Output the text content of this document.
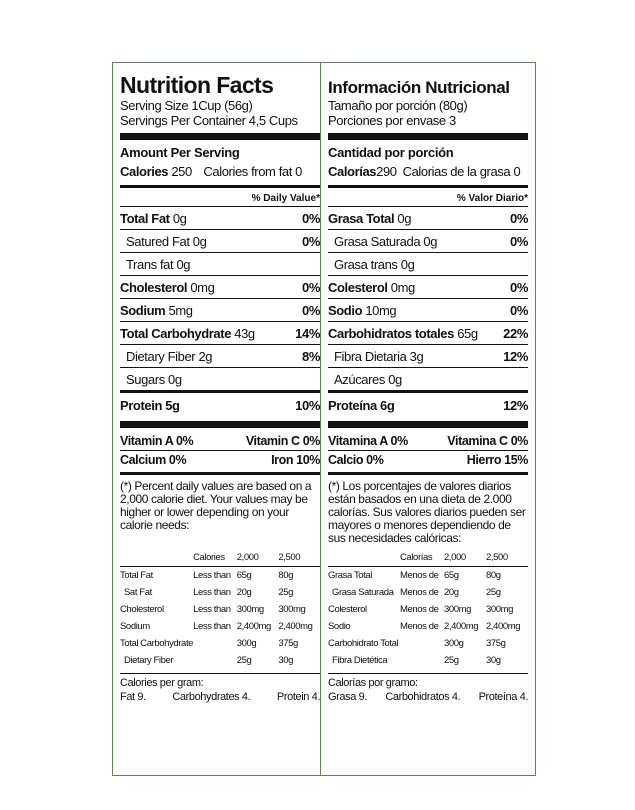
Nutrition Facts
Serving Size 1Cup (56g)
Servings Per Container 4,5 Cups
Amount Per Serving
Calories 250 Calories from fat 0
% Daily Value*
Total Fat 0g	0%
Satured Fat 0g	0%
Trans fat 0g
Cholesterol 0mg	0%
Sodium 5mg	0%
Total Carbohydrate 43g	14%
Dietary Fiber 2g	8%
Sugars 0g
Protein 5g	10%
Vitamin A 0%	Vitamin C 0%
Calcium 0%	Iron 10%
(*) Percent daily values are based on a 2,000 calorie diet. Your values may be higher or lower depending on your calorie needs:
	Calories	2,000	2,500
Total Fat	Less than	65g	80g
Sat Fat	Less than	20g	25g
Cholesterol	Less than	300mg	300mg
Sodium	Less than	2,400mg	2,400mg
Total Carbohydrate		300g	375g
Dietary Fiber		25g	30g
Calories per gram:
Fat 9. Carbohydrates 4. Protein 4.
Información Nutricional
Tamaño por porción (80g)
Porciones por envase 3
Cantidad por porción
Calorías290 Calorias de la grasa 0
% Valor Diario*
Grasa Total 0g	0%
Grasa Saturada 0g	0%
Grasa trans 0g
Colesterol 0mg	0%
Sodio 10mg	0%
Carbohidratos totales 65g 22%
Fibra Dietaria 3g	12%
Azúcares 0g
Proteína 6g	12%
Vitamina A 0%	Vitamina C 0%
Calcio 0%	Hierro 15%
(*) Los porcentajes de valores diarios están basados en una dieta de 2.000 calorías. Sus valores diarios pueden ser mayores o menores dependiendo de sus necesidades calóricas:
	Calorías	2,000	2,500
Grasa Total	Menos de	65g	80g
Grasa Saturada	Menos de	20g	25g
Colesterol	Menos de	300mg	300mg
Sodio	Menos de	2,400mg	2,400mg
Carbohidrato Total		300g	375g
Fibra Dietética		25g	30g
Calorías por gramo:
Grasa 9. Carbohidratos 4. Proteína 4.
